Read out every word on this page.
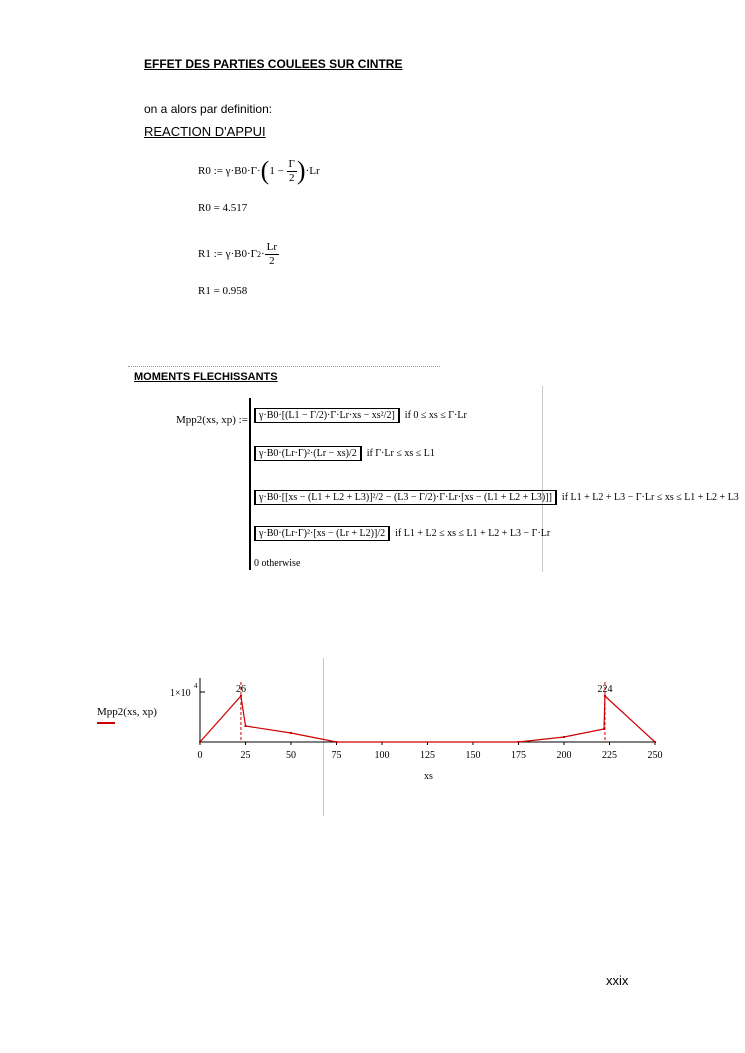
EFFET DES PARTIES COULEES SUR CINTRE
on a alors par definition:
REACTION D'APPUI
R0 :=
γ·B0·Γ· ( 1 −
$\frac{\Gamma}{2}$ ) ·Lr
R0 = 4.517
R1 :=
γ·B0·Γ $2 \cdot \frac{Lr}{2}$
R1 = 0.958
MOMENTS FLECHISSANTS
Mpp2(xs, xp) :=	γ·B0·[(L1 − Γ/2)·Γ·Lr·xs − xs²/2] if 0 ≤ xs ≤ Γ·Lr
γ·B0·(Lr·Γ)²·(Lr − xs)/2 if Γ·Lr ≤ xs ≤ L1
γ·B0·[[xs − (L1 + L2 + L3)]²/2 − (L3 − Γ/2)·Γ·Lr·[xs − (L1 + L2 + L3)]] if L1 + L2 + L3 − Γ·Lr ≤ xs ≤ L1 + L2 + L3
γ·B0·(Lr·Γ)²·[xs − (Lr + L2)]/2 if L1 + L2 ≤ xs ≤ L1 + L2 + L3 − Γ·Lr
0 otherwise
Mpp2(xs, xp)
1×10
4
0	25	50	75	100	125	150	175	200	225	250
xs
26	224
xxix
